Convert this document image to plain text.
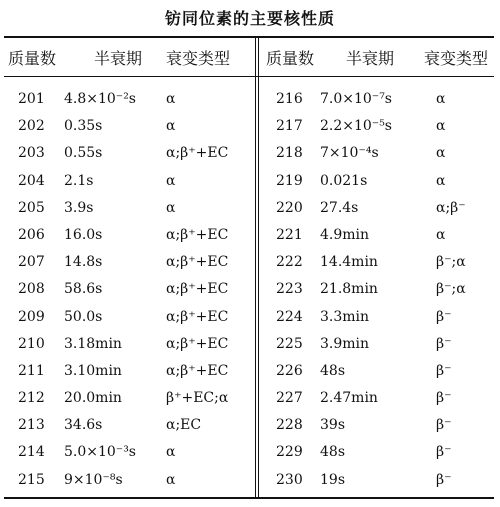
钫同位素的主要核性质
质量数 半衰期 衰变类型 质量数 半衰期 衰变类型
201 4.8×10⁻²s α
202 0.35s	α
203 0.55s	α;β⁺+EC
204 2.1s	α
205 3.9s	α
206 16.0s	α;β⁺+EC
207 14.8s	α;β⁺+EC
208 58.6s	α;β⁺+EC
209 50.0s	α;β⁺+EC
210 3.18min	α;β⁺+EC
211 3.10min	α;β⁺+EC
212 20.0min	β⁺+EC;α
213 34.6s	α;EC
214 5.0×10⁻³s α
215 9×10⁻⁸s	α
216 7.0×10⁻⁷s	α
217 2.2×10⁻⁵s	α
218 7×10⁻⁴s	α
219 0.021s	α
220 27.4s	α;β⁻
221 4.9min	α
222 14.4min	β⁻;α
223 21.8min	β⁻;α
224 3.3min	β⁻
225 3.9min	β⁻
226 48s	β⁻
227 2.47min	β⁻
228 39s	β⁻
229 48s	β⁻
230 19s	β⁻
